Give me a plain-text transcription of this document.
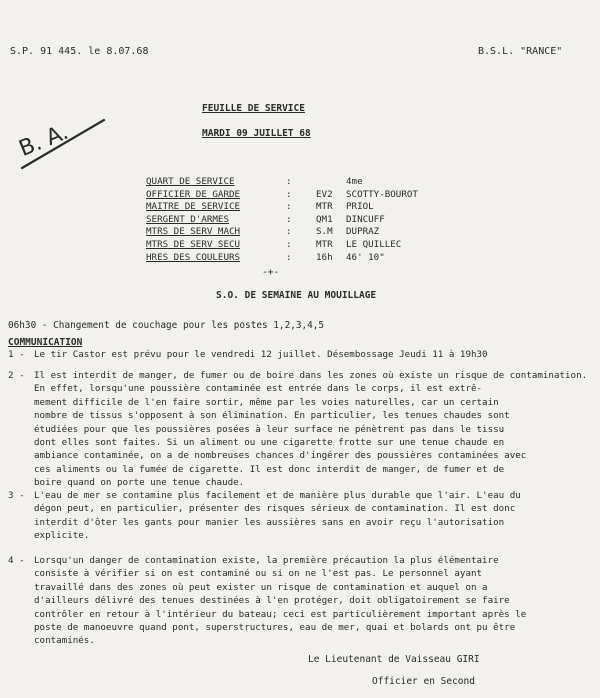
S.P. 91 445. le 8.07.68	B.S.L. "RANCE"
B. A.
FEUILLE DE SERVICE
MARDI 09 JUILLET 68
QUART DE SERVICE	:	4me
OFFICIER DE GARDE	:	EV2	SCOTTY-BOUROT
MAITRE DE SERVICE	:	MTR	PRIOL
SERGENT D'ARMES	:	QM1	DINCUFF
MTRS DE SERV MACH	:	S.M	DUPRAZ
MTRS DE SERV SECU	:	MTR	LE QUILLEC
HRES DES COULEURS	:	16h	46' 10"
-+-
S.O. DE SEMAINE AU MOUILLAGE
06h30 - Changement de couchage pour les postes 1,2,3,4,5
COMMUNICATION
1 - Le tir Castor est prévu pour le vendredi 12 juillet. Désembossage Jeudi 11 à 19h30
2 - Il est interdit de manger, de fumer ou de boire dans les zones où existe un risque de contamination.
En effet, lorsqu'une poussière contaminée est entrée dans le corps, il est extrê-
mement difficile de l'en faire sortir, même par les voies naturelles, car un certain
nombre de tissus s'opposent à son élimination. En particulier, les tenues chaudes sont
étudiées pour que les poussières posées à leur surface ne pénètrent pas dans le tissu
dont elles sont faites. Si un aliment ou une cigarette frotte sur une tenue chaude en
ambiance contaminée, on a de nombreuses chances d'ingérer des poussières contaminées avec
ces aliments ou la fumée de cigarette. Il est donc interdit de manger, de fumer et de
boire quand on porte une tenue chaude.
3 - L'eau de mer se contamine plus facilement et de manière plus durable que l'air. L'eau du
dégon peut, en particulier, présenter des risques sérieux de contamination. Il est donc
interdit d'ôter les gants pour manier les aussières sans en avoir reçu l'autorisation
explicite.
4 - Lorsqu'un danger de contamination existe, la première précaution la plus élémentaire
consiste à vérifier si on est contaminé ou si on ne l'est pas. Le personnel ayant
travaillé dans des zones où peut exister un risque de contamination et auquel on a
d'ailleurs délivré des tenues destinées à l'en protéger, doit obligatoirement se faire
contrôler en retour à l'intérieur du bateau; ceci est particulièrement important après le
poste de manoeuvre quand pont, superstructures, eau de mer, quai et bolards ont pu être
contaminés.
Le Lieutenant de Vaisseau GIRI
Officier en Second
